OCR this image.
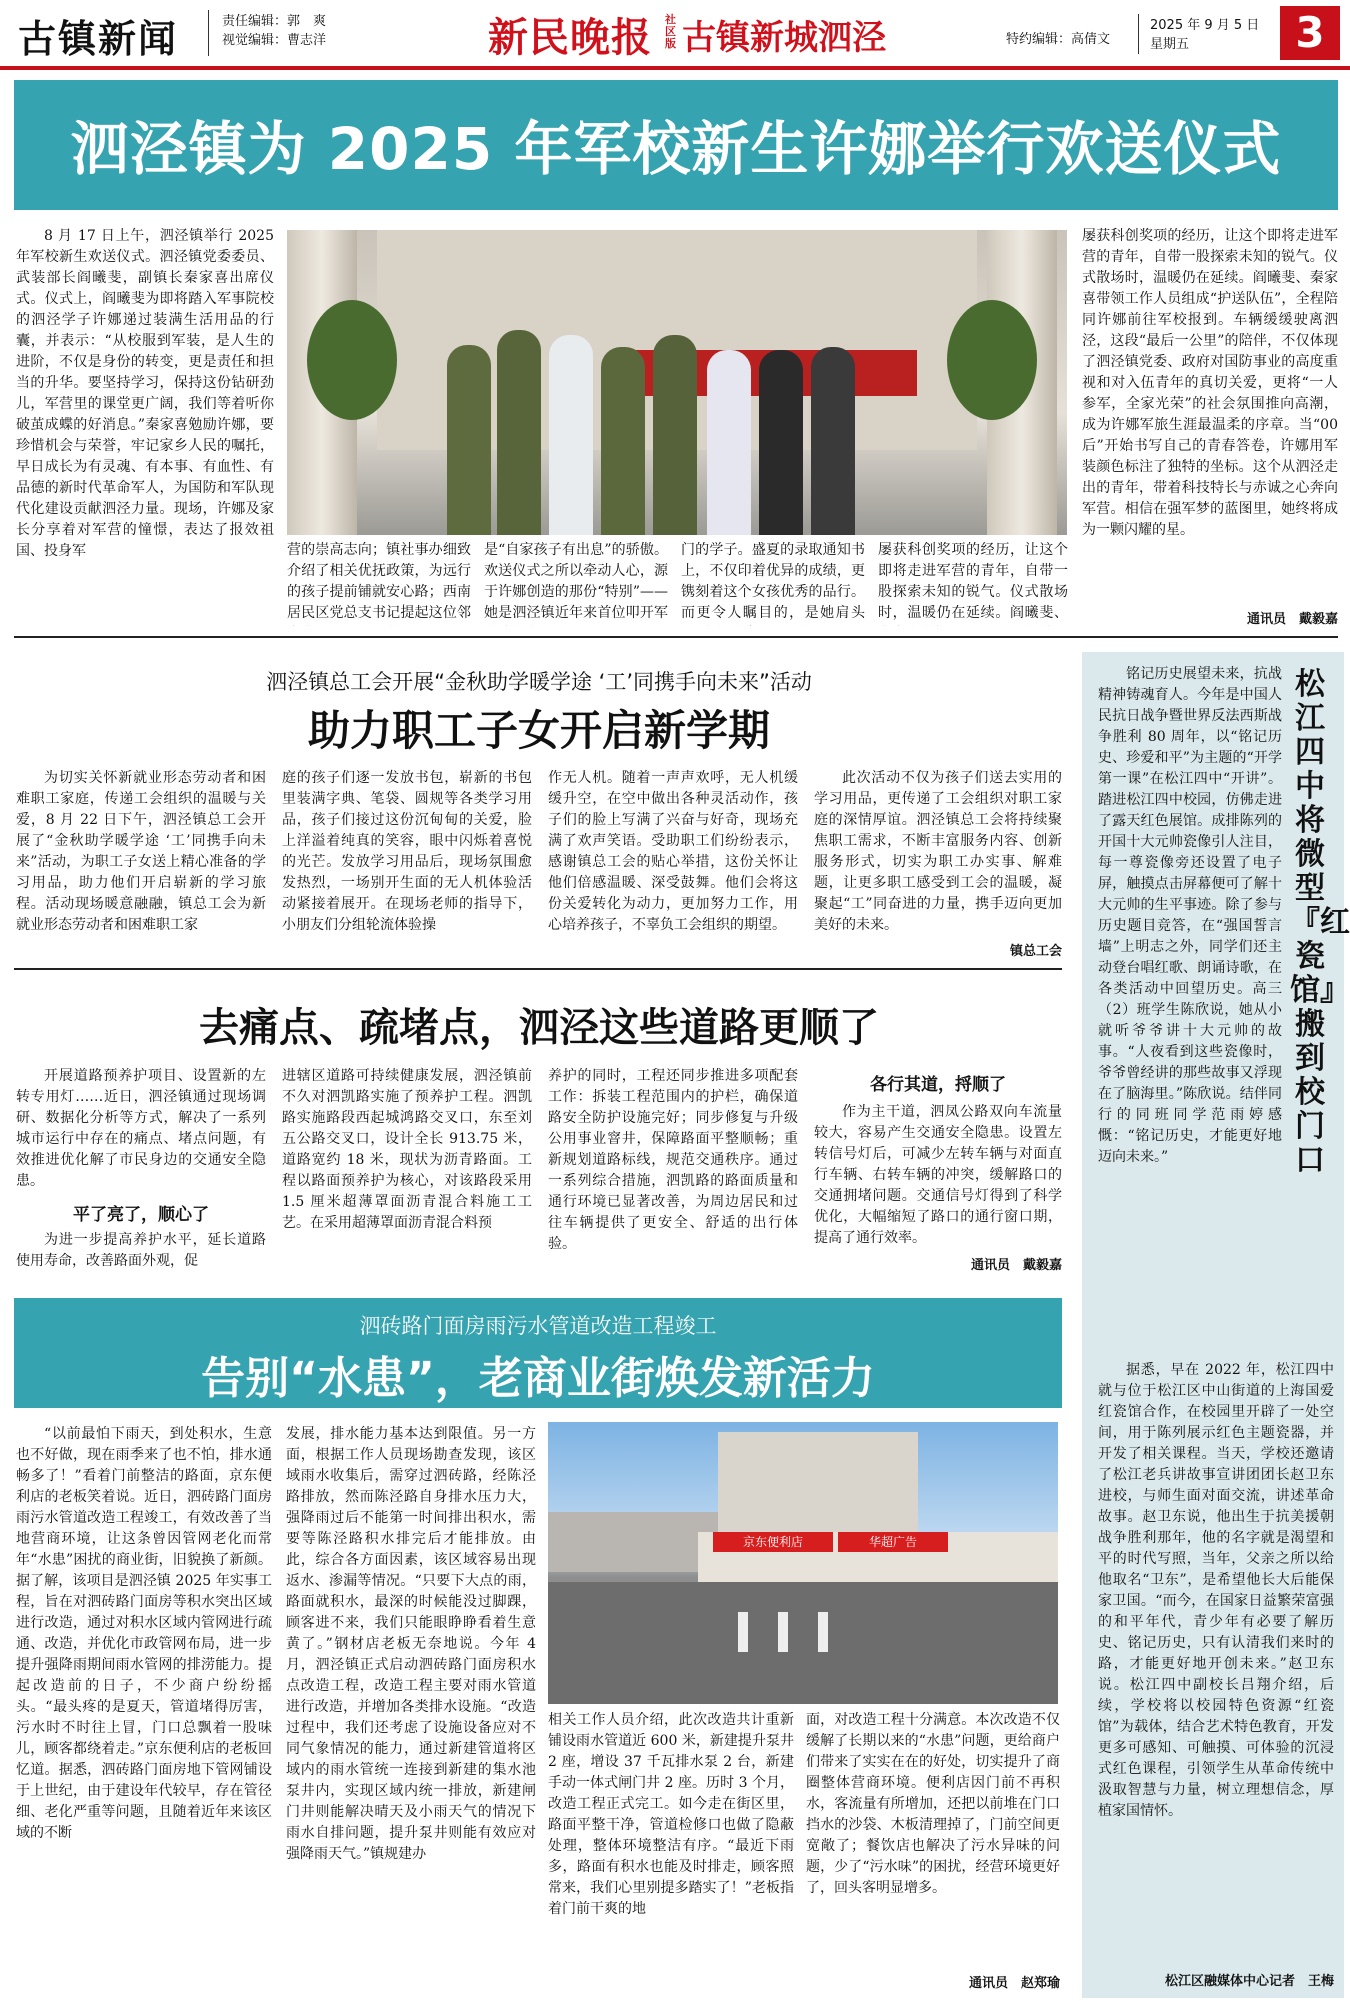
古镇新闻	责任编辑：郭　爽
视觉编辑：曹志洋	新民晚报 社区版 古镇新城泗泾	特约编辑：高倩文
2025 年 9 月 5 日
星期五	3
泗泾镇为 2025 年军校新生许娜举行欢送仪式

8 月 17 日上午，泗泾镇举行 2025 年军校新生欢送仪式。泗泾镇党委委员、武装部长阎曦斐，副镇长秦家喜出席仪式。仪式上，阎曦斐为即将踏入军事院校的泗泾学子许娜递过装满生活用品的行囊，并表示：“从校服到军装，是人生的进阶，不仅是身份的转变，更是责任和担当的升华。要坚持学习，保持这份钻研劲儿，军营里的课堂更广阔，我们等着听你破茧成蝶的好消息。”秦家喜勉励许娜，要珍惜机会与荣誉，牢记家乡人民的嘱托，早日成长为有灵魂、有本事、有血性、有品德的新时代革命军人，为国防和军队现代化建设贡献泗泾力量。现场，许娜及家长分享着对军营的憧憬，表达了报效祖国、投身军	营的崇高志向；镇社事办细致介绍了相关优抚政策，为远行的孩子提前铺就安心路；西南居民区党总支书记提起这位邻

是“自家孩子有出息”的骄傲。欢送仪式之所以牵动人心，源于许娜创造的那份“特别”——她是泗泾镇近年来首位叩开军

门的学子。盛夏的录取通知书上，不仅印着优异的成绩，更镌刻着这个女孩优秀的品行。而更令人瞩目的，是她肩头

屡获科创奖项的经历，让这个即将走进军营的青年，自带一股探索未知的锐气。仪式散场时，温暖仍在延续。阎曦斐、

屡获科创奖项的经历，让这个即将走进军营的青年，自带一股探索未知的锐气。仪式散场时，温暖仍在延续。阎曦斐、秦家喜带领工作人员组成“护送队伍”，全程陪同许娜前往军校报到。车辆缓缓驶离泗泾，这段“最后一公里”的陪伴，不仅体现了泗泾镇党委、政府对国防事业的高度重视和对入伍青年的真切关爱，更将“一人参军，全家光荣”的社会氛围推向高潮，成为许娜军旅生涯最温柔的序章。当“00 后”开始书写自己的青春答卷，许娜用军装颜色标注了独特的坐标。这个从泗泾走出的青年，带着科技特长与赤诚之心奔向军营。相信在强军梦的蓝图里，她终将成为一颗闪耀的星。

通讯员　戴毅嘉
泗泾镇总工会开展“金秋助学暖学途 ‘工’同携手向未来”活动
助力职工子女开启新学期

为切实关怀新就业形态劳动者和困难职工家庭，传递工会组织的温暖与关爱，8 月 22 日下午，泗泾镇总工会开展了“金秋助学暖学途 ‘工’同携手向未来”活动，为职工子女送上精心准备的学习用品，助力他们开启崭新的学习旅程。活动现场暖意融融，镇总工会为新就业形态劳动者和困难职工家

庭的孩子们逐一发放书包，崭新的书包里装满字典、笔袋、圆规等各类学习用品，孩子们接过这份沉甸甸的关爱，脸上洋溢着纯真的笑容，眼中闪烁着喜悦的光芒。发放学习用品后，现场氛围愈发热烈，一场别开生面的无人机体验活动紧接着展开。在现场老师的指导下，小朋友们分组轮流体验操

作无人机。随着一声声欢呼，无人机缓缓升空，在空中做出各种灵活动作，孩子们的脸上写满了兴奋与好奇，现场充满了欢声笑语。受助职工们纷纷表示，感谢镇总工会的贴心举措，这份关怀让他们倍感温暖、深受鼓舞。他们会将这份关爱转化为动力，更加努力工作，用心培养孩子，不辜负工会组织的期望。

此次活动不仅为孩子们送去实用的学习用品，更传递了工会组织对职工家庭的深情厚谊。泗泾镇总工会将持续聚焦职工需求，不断丰富服务内容、创新服务形式，切实为职工办实事、解难题，让更多职工感受到工会的温暖，凝聚起“工”同奋进的力量，携手迈向更加美好的未来。

镇总工会
去痛点、疏堵点，泗泾这些道路更顺了

开展道路预养护项目、设置新的左转专用灯……近日，泗泾镇通过现场调研、数据化分析等方式，解决了一系列城市运行中存在的痛点、堵点问题，有效推进优化解了市民身边的交通安全隐患。

平了亮了，顺心了

为进一步提高养护水平，延长道路使用寿命，改善路面外观，促

进辖区道路可持续健康发展，泗泾镇前不久对泗凯路实施了预养护工程。泗凯路实施路段西起城鸿路交叉口，东至刘五公路交叉口，设计全长 913.75 米，道路宽约 18 米，现状为沥青路面。工程以路面预养护为核心，对该路段采用 1.5 厘米超薄罩面沥青混合料施工工艺。在采用超薄罩面沥青混合料预

养护的同时，工程还同步推进多项配套工作：拆装工程范围内的护栏，确保道路安全防护设施完好；同步修复与升级公用事业窨井，保障路面平整顺畅；重新规划道路标线，规范交通秩序。通过一系列综合措施，泗凯路的路面质量和通行环境已显著改善，为周边居民和过往车辆提供了更安全、舒适的出行体验。

各行其道，捋顺了

作为主干道，泗凤公路双向车流量较大，容易产生交通安全隐患。设置左转信号灯后，可减少左转车辆与对面直行车辆、右转车辆的冲突，缓解路口的交通拥堵问题。交通信号灯得到了科学优化，大幅缩短了路口的通行窗口期，提高了通行效率。

通讯员　戴毅嘉
泗砖路门面房雨污水管道改造工程竣工
告别“水患”，老商业街焕发新活力

“以前最怕下雨天，到处积水，生意也不好做，现在雨季来了也不怕，排水通畅多了！”看着门前整洁的路面，京东便利店的老板笑着说。近日，泗砖路门面房雨污水管道改造工程竣工，有效改善了当地营商环境，让这条曾因管网老化而常年“水患”困扰的商业街，旧貌换了新颜。据了解，该项目是泗泾镇 2025 年实事工程，旨在对泗砖路门面房等积水突出区域进行改造，通过对积水区域内管网进行疏通、改造，并优化市政管网布局，进一步提升强降雨期间雨水管网的排涝能力。提起改造前的日子，不少商户纷纷摇头。“最头疼的是夏天，管道堵得厉害，污水时不时往上冒，门口总飘着一股味儿，顾客都绕着走。”京东便利店的老板回忆道。据悉，泗砖路门面房地下管网铺设于上世纪，由于建设年代较早，存在管径细、老化严重等问题，且随着近年来该区域的不断

发展，排水能力基本达到限值。另一方面，根据工作人员现场勘查发现，该区域雨水收集后，需穿过泗砖路，经陈泾路排放，然而陈泾路自身排水压力大，强降雨过后不能第一时间排出积水，需要等陈泾路积水排完后才能排放。由此，综合各方面因素，该区域容易出现返水、渗漏等情况。“只要下大点的雨，路面就积水，最深的时候能没过脚踝，顾客进不来，我们只能眼睁睁看着生意黄了。”钢材店老板无奈地说。今年 4 月，泗泾镇正式启动泗砖路门面房积水点改造工程，改造工程主要对雨水管道进行改造，并增加各类排水设施。“改造过程中，我们还考虑了设施设备应对不同气象情况的能力，通过新建管道将区域内的雨水管统一连接到新建的集水池泵井内，实现区域内统一排放，新建闸门井则能解决晴天及小雨天气的情况下雨水自排问题，提升泵井则能有效应对强降雨天气。”镇规建办

京东便利店	华超广告

相关工作人员介绍，此次改造共计重新铺设雨水管道近 600 米，新建提升泵井 2 座，增设 37 千瓦排水泵 2 台，新建手动一体式闸门井 2 座。历时 3 个月，改造工程正式完工。如今走在街区里，路面平整干净，管道检修口也做了隐蔽处理，整体环境整洁有序。“最近下雨多，路面有积水也能及时排走，顾客照常来，我们心里别提多踏实了！”老板指着门前干爽的地

面，对改造工程十分满意。本次改造不仅缓解了长期以来的“水患”问题，更给商户们带来了实实在在的好处，切实提升了商圈整体营商环境。便利店因门前不再积水，客流量有所增加，还把以前堆在门口挡水的沙袋、木板清理掉了，门前空间更宽敞了；餐饮店也解决了污水异味的问题，少了“污水味”的困扰，经营环境更好了，回头客明显增多。

通讯员　赵郑瑜
松江四中将微型『红瓷馆』搬到校门口

铭记历史展望未来，抗战精神铸魂育人。今年是中国人民抗日战争暨世界反法西斯战争胜利 80 周年，以“铭记历史、珍爱和平”为主题的“开学第一课”在松江四中“开讲”。踏进松江四中校园，仿佛走进了露天红色展馆。成排陈列的开国十大元帅瓷像引人注目，每一尊瓷像旁还设置了电子屏，触摸点击屏幕便可了解十大元帅的生平事迹。除了参与历史题目竞答，在“强国誓言墙”上明志之外，同学们还主动登台唱红歌、朗诵诗歌，在各类活动中回望历史。高三（2）班学生陈欣说，她从小就听爷爷讲十大元帅的故事。“人夜看到这些瓷像时，爷爷曾经讲的那些故事又浮现在了脑海里。”陈欣说。结伴同行的同班同学范雨婷感慨：“铭记历史，才能更好地迈向未来。”

据悉，早在 2022 年，松江四中就与位于松江区中山街道的上海国爱红瓷馆合作，在校园里开辟了一处空间，用于陈列展示红色主题瓷器，并开发了相关课程。当天，学校还邀请了松江老兵讲故事宣讲团团长赵卫东进校，与师生面对面交流，讲述革命故事。赵卫东说，他出生于抗美援朝战争胜利那年，他的名字就是渴望和平的时代写照，当年，父亲之所以给他取名“卫东”，是希望他长大后能保家卫国。“而今，在国家日益繁荣富强的和平年代，青少年有必要了解历史、铭记历史，只有认清我们来时的路，才能更好地开创未来。”赵卫东说。松江四中副校长吕翔介绍，后续，学校将以校园特色资源“红瓷馆”为载体，结合艺术特色教育，开发更多可感知、可触摸、可体验的沉浸式红色课程，引领学生从革命传统中汲取智慧与力量，树立理想信念，厚植家国情怀。

松江区融媒体中心记者　王梅
